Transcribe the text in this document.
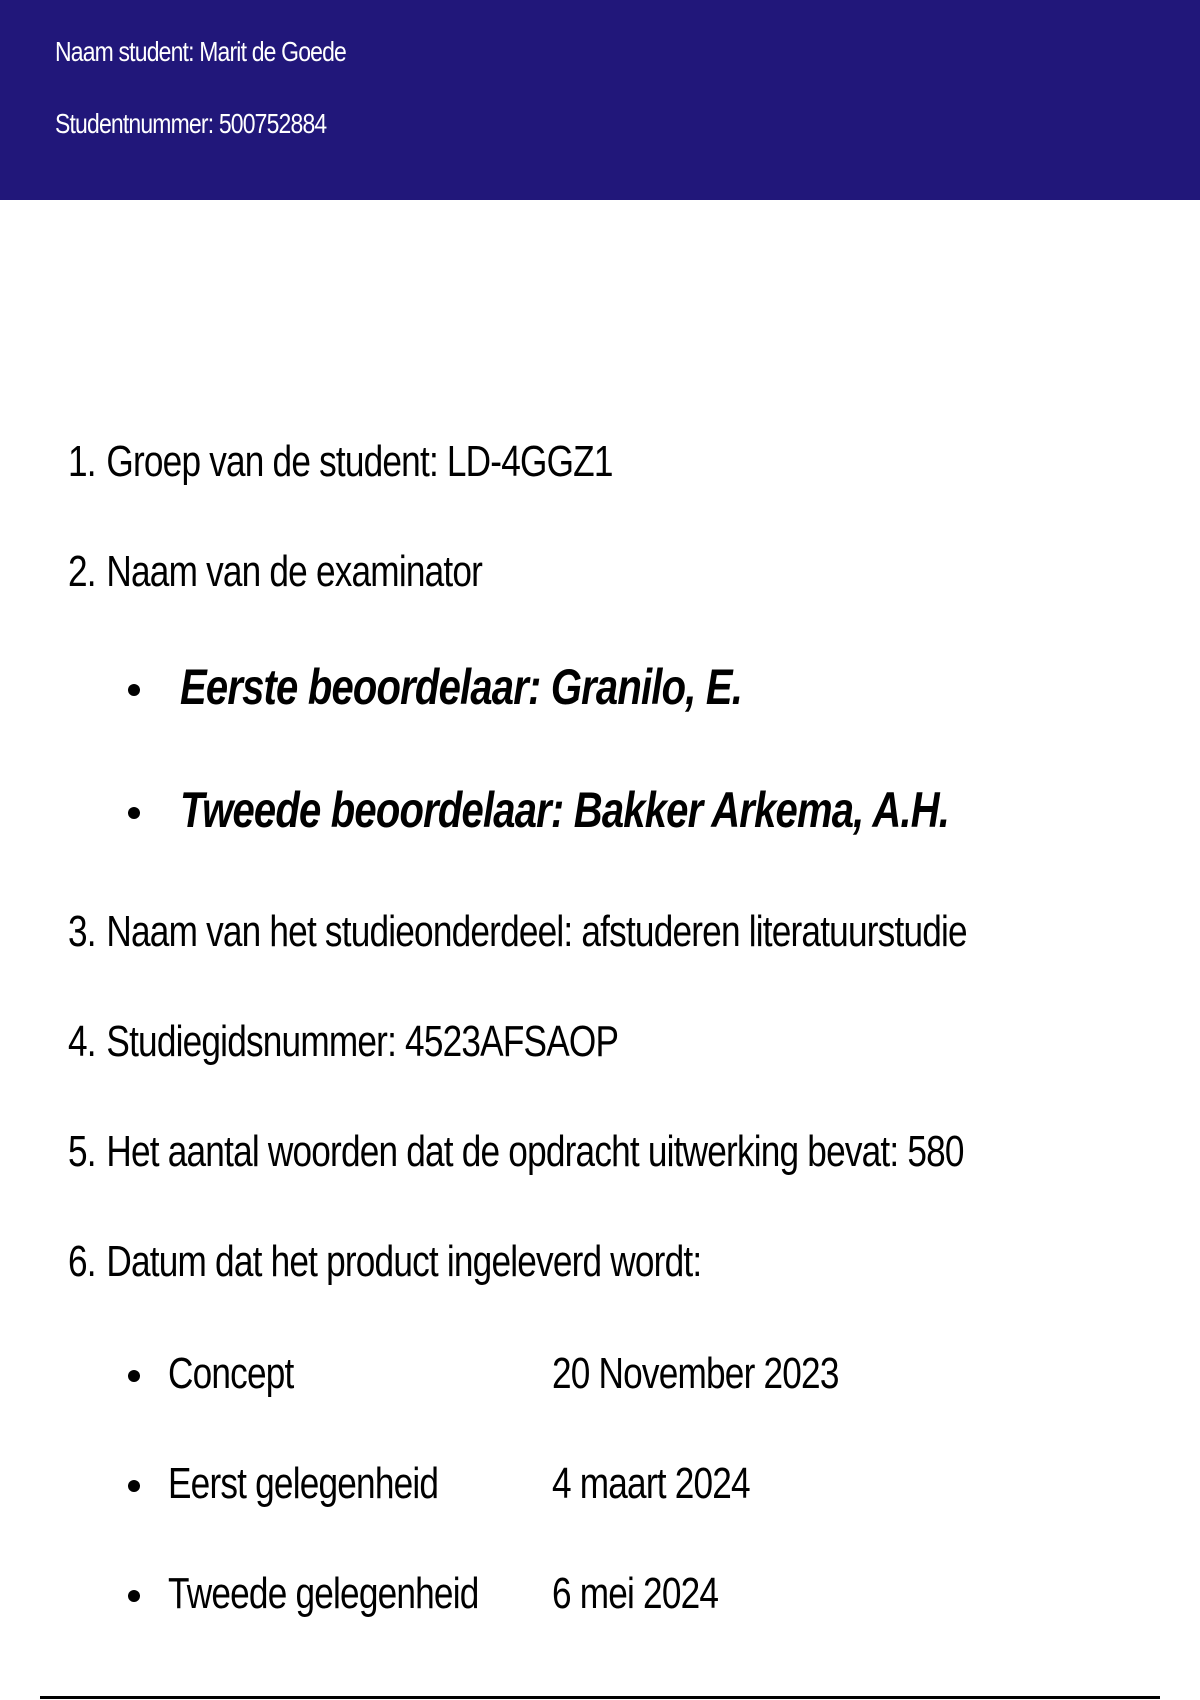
Naam student: Marit de Goede
Studentnummer: 500752884
1. Groep van de student: LD-4GGZ1
2. Naam van de examinator
Eerste beoordelaar: Granilo, E.
Tweede beoordelaar: Bakker Arkema, A.H.
3. Naam van het studieonderdeel: afstuderen literatuurstudie
4. Studiegidsnummer: 4523AFSAOP
5. Het aantal woorden dat de opdracht uitwerking bevat: 580
6. Datum dat het product ingeleverd wordt:
Concept	20 November 2023
Eerst gelegenheid	4 maart 2024
Tweede gelegenheid 6 mei 2024
